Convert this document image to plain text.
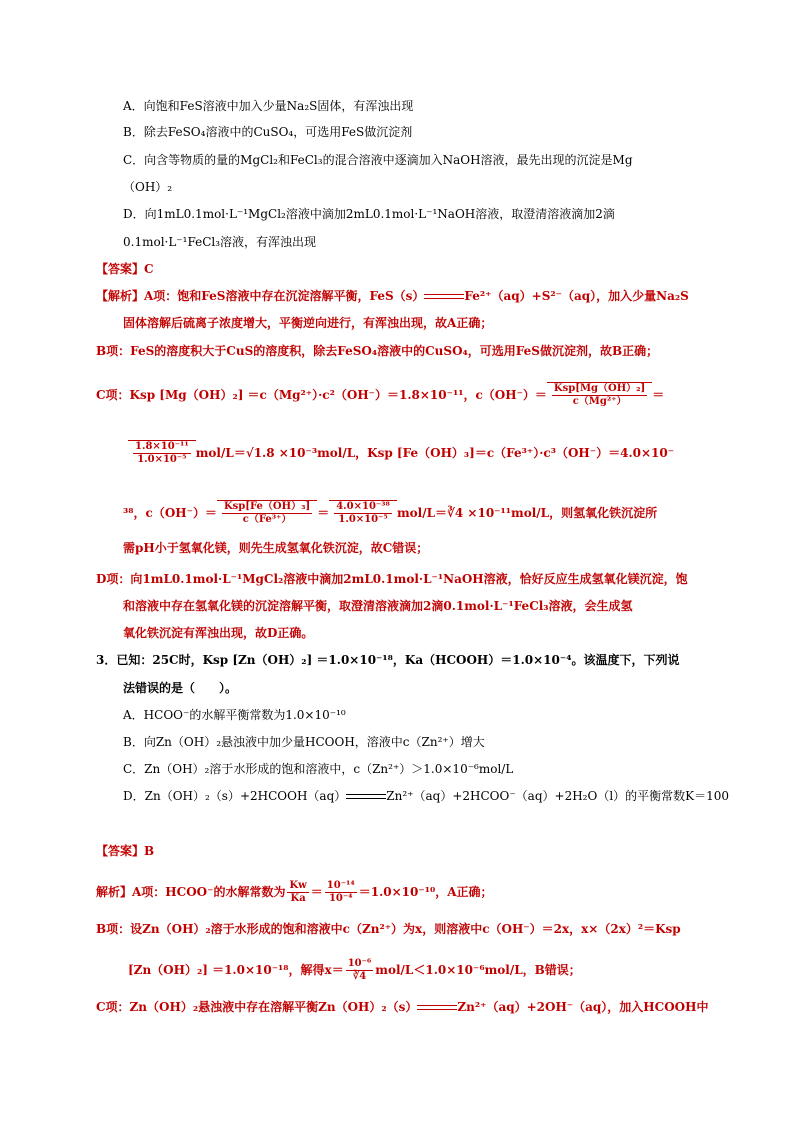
A．向饱和FeS溶液中加入少量Na₂S固体，有浑浊出现
B．除去FeSO₄溶液中的CuSO₄，可选用FeS做沉淀剂
C．向含等物质的量的MgCl₂和FeCl₃的混合溶液中逐滴加入NaOH溶液，最先出现的沉淀是Mg
（OH）₂
D．向1mL0.1mol·L⁻¹MgCl₂溶液中滴加2mL0.1mol·L⁻¹NaOH溶液，取澄清溶液滴加2滴
0.1mol·L⁻¹FeCl₃溶液，有浑浊出现
【答案】C
【解析】A项：饱和FeS溶液中存在沉淀溶解平衡，FeS（s）	Fe²⁺（aq）+S²⁻（aq），加入少量Na₂S
固体溶解后硫离子浓度增大，平衡逆向进行，有浑浊出现，故A正确；
B项：FeS的溶度积大于CuS的溶度积，除去FeSO₄溶液中的CuSO₄，可选用FeS做沉淀剂，故B正确；
C项：Ksp [Mg（OH）₂] ＝c（Mg²⁺）·c²（OH⁻）＝1.8×10⁻¹¹，$c(OH^-)= \frac{\text{Ksp[Mg（OH）₂]}}{\text{c（Mg²⁺）}}$ ＝
$\frac{\text{1.8×10⁻¹¹}}{\text{1.0×10⁻⁵}} mol/L=√1.8 \times 10^{-3}mol/L$，Ksp [Fe（OH）₃]＝c（Fe³⁺）·c³（OH⁻）＝4.0×10⁻
³⁸，$c(OH^-)= \frac{\text{Ksp[Fe（OH）₃]}}{\text{c（Fe³⁺）}} = \frac{\text{4.0×10⁻³⁸}}{\text{1.0×10⁻⁵}}$ mol/L＝∛4 ×10⁻¹¹mol/L，则氢氧化铁沉淀所
需pH小于氢氧化镁，则先生成氢氧化铁沉淀，故C错误；
D项：向1mL0.1mol·L⁻¹MgCl₂溶液中滴加2mL0.1mol·L⁻¹NaOH溶液，恰好反应生成氢氧化镁沉淀，饱
和溶液中存在氢氧化镁的沉淀溶解平衡，取澄清溶液滴加2滴0.1mol·L⁻¹FeCl₃溶液，会生成氢
氧化铁沉淀有浑浊出现，故D正确。
3．已知：25C时，Ksp [Zn（OH）₂] ＝1.0×10⁻¹⁸，Ka（HCOOH）＝1.0×10⁻⁴。该温度下，下列说
法错误的是（　　）。
A．HCOO⁻的水解平衡常数为1.0×10⁻¹⁰
B．向Zn（OH）₂悬浊液中加少量HCOOH，溶液中c（Zn²⁺）增大
C．Zn（OH）₂溶于水形成的饱和溶液中，c（Zn²⁺）＞1.0×10⁻⁶mol/L
D．Zn（OH）₂（s）+2HCOOH（aq）	Zn²⁺（aq）+2HCOO⁻（aq）+2H₂O（l）的平衡常数K＝100
【答案】B
解析】A项：HCOO⁻的水解常数为 $\frac{Kw}{Ka} = \frac{\text{10⁻¹⁴}}{\text{10⁻⁴}} =1.0\times 10^{-10}$，A正确；
B项：设Zn（OH）₂溶于水形成的饱和溶液中c（Zn²⁺）为x，则溶液中c（OH⁻）＝2x，x×（2x）²＝Ksp
[Zn（OH）₂] ＝1.0×10⁻¹⁸，解得$x= \frac{\text{10⁻⁶}}{∛4} mol/L<1.0\times 10^{-6}mol/L$，B错误；
C项：Zn（OH）₂悬浊液中存在溶解平衡Zn（OH）₂（s）	Zn²⁺（aq）+2OH⁻（aq），加入HCOOH中
